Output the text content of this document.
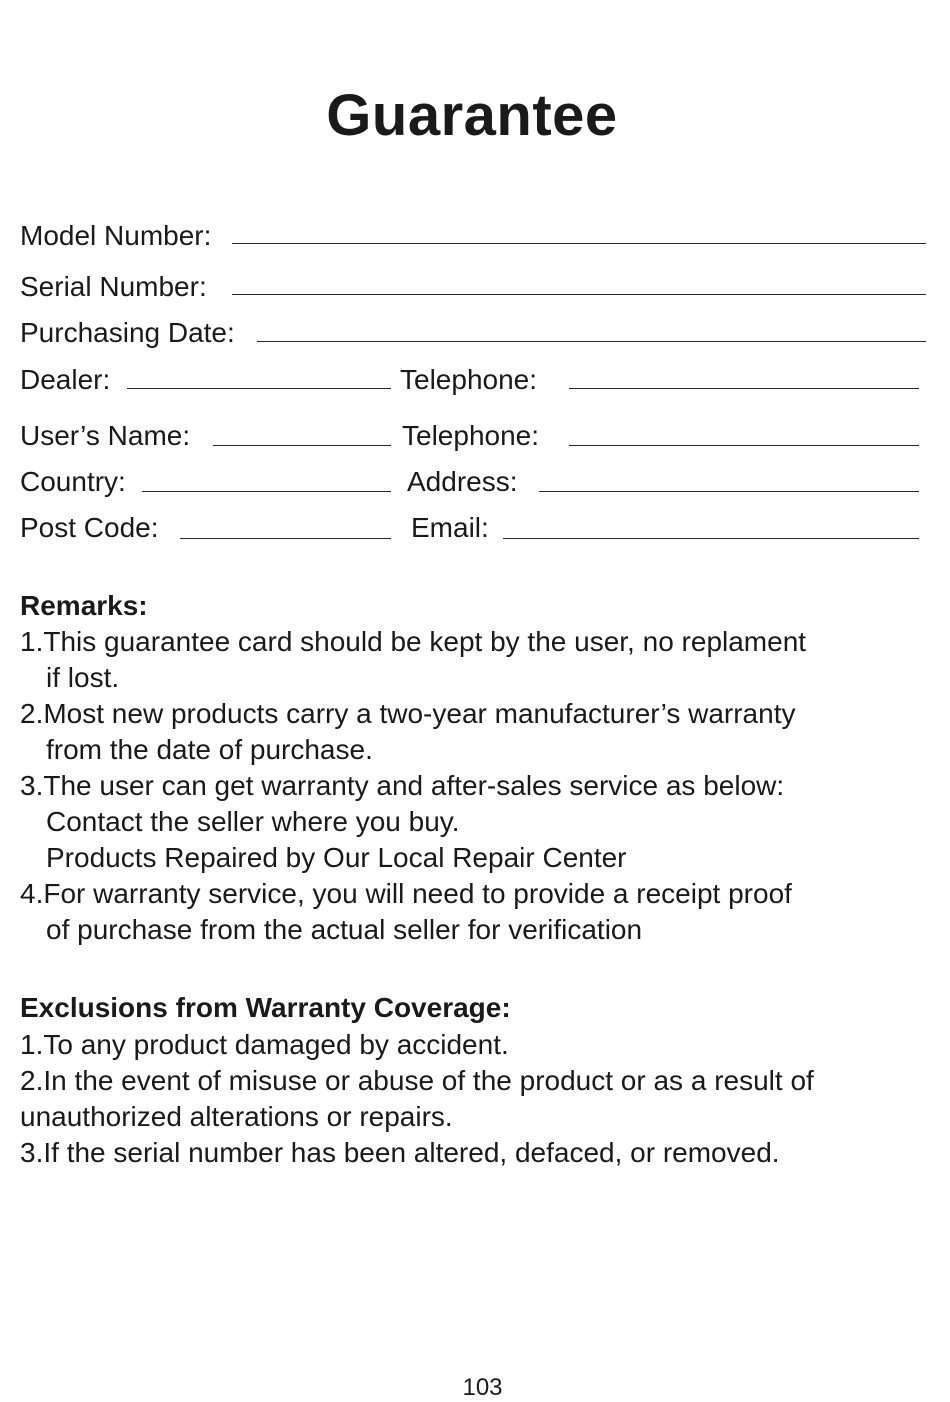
Guarantee
Model Number:
Serial Number:
Purchasing Date:
Dealer:	Telephone:
User’s Name:	Telephone:
Country:	Address:
Post Code:	Email:
Remarks:
1.This guarantee card should be kept by the user, no replament
if lost.
2.Most new products carry a two-year manufacturer’s warranty
from the date of purchase.
3.The user can get warranty and after-sales service as below:
Contact the seller where you buy.
Products Repaired by Our Local Repair Center
4.For warranty service, you will need to provide a receipt proof
of purchase from the actual seller for verification
Exclusions from Warranty Coverage:
1.To any product damaged by accident.
2.In the event of misuse or abuse of the product or as a result of
unauthorized alterations or repairs.
3.If the serial number has been altered, defaced, or removed.
103
